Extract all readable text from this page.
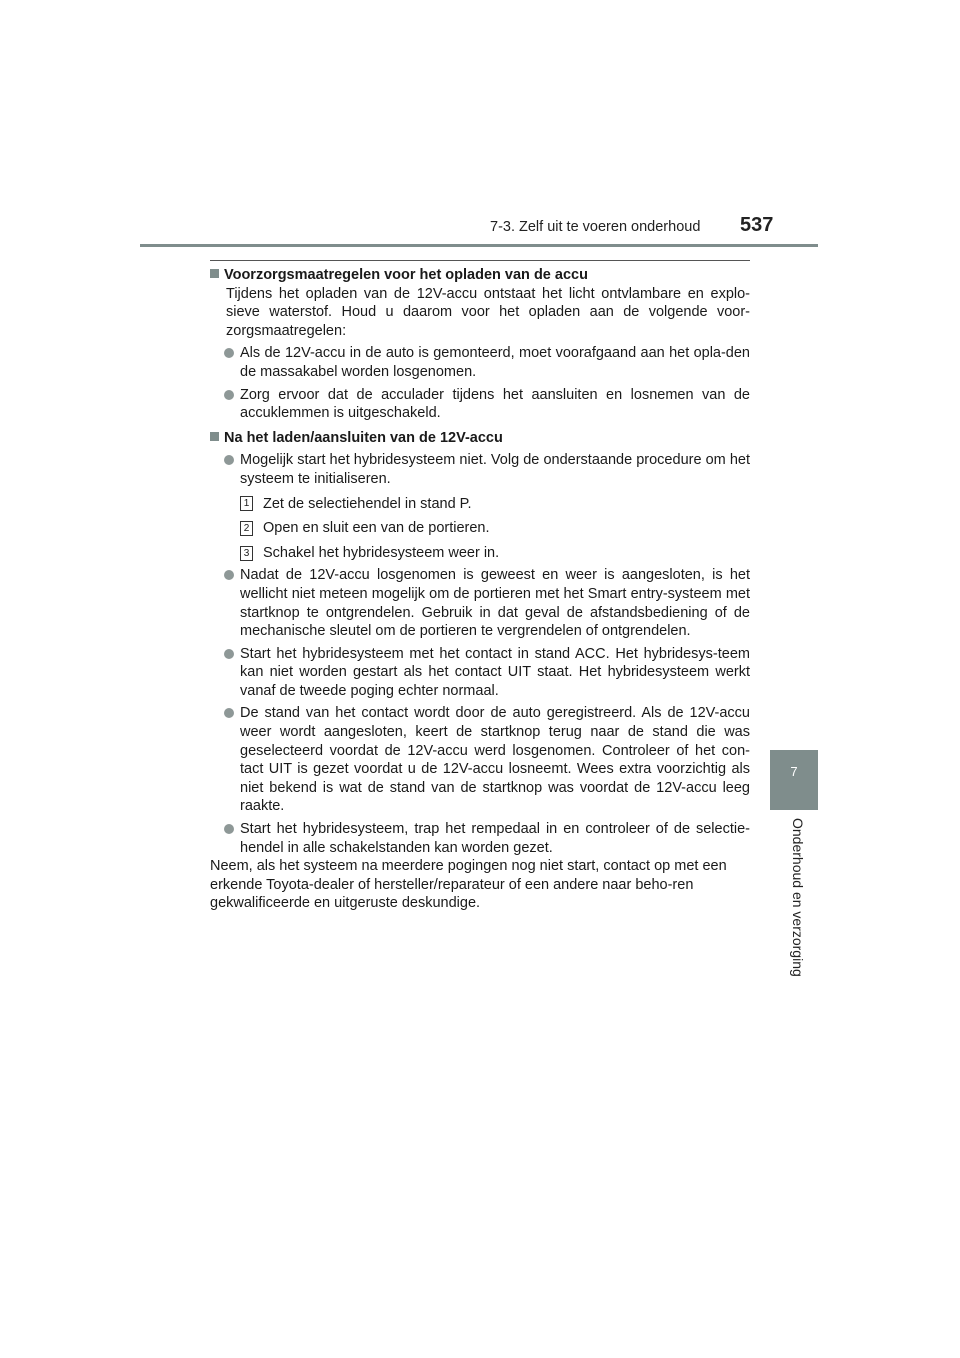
7-3. Zelf uit te voeren onderhoud 537
7
Onderhoud en verzorging

Voorzorgsmaatregelen voor het opladen van de accu

Tijdens het opladen van de 12V-accu ontstaat het licht ontvlambare en explo-sieve waterstof. Houd u daarom voor het opladen aan de volgende voor-zorgsmaatregelen:

Als de 12V-accu in de auto is gemonteerd, moet voorafgaand aan het opla-den de massakabel worden losgenomen.
Zorg ervoor dat de acculader tijdens het aansluiten en losnemen van de accuklemmen is uitgeschakeld.

Na het laden/aansluiten van de 12V-accu

Mogelijk start het hybridesysteem niet. Volg de onderstaande procedure om het systeem te initialiseren.
1 Zet de selectiehendel in stand P.
2 Open en sluit een van de portieren.
3 Schakel het hybridesysteem weer in.
Nadat de 12V-accu losgenomen is geweest en weer is aangesloten, is het wellicht niet meteen mogelijk om de portieren met het Smart entry-systeem met startknop te ontgrendelen. Gebruik in dat geval de afstandsbediening of de mechanische sleutel om de portieren te vergrendelen of ontgrendelen.
Start het hybridesysteem met het contact in stand ACC. Het hybridesys-teem kan niet worden gestart als het contact UIT staat. Het hybridesysteem werkt vanaf de tweede poging echter normaal.
De stand van het contact wordt door de auto geregistreerd. Als de 12V-accu weer wordt aangesloten, keert de startknop terug naar de stand die was geselecteerd voordat de 12V-accu werd losgenomen. Controleer of het con-tact UIT is gezet voordat u de 12V-accu losneemt. Wees extra voorzichtig als niet bekend is wat de stand van de startknop was voordat de 12V-accu leeg raakte.
Start het hybridesysteem, trap het rempedaal in en controleer of de selectie-hendel in alle schakelstanden kan worden gezet.

Neem, als het systeem na meerdere pogingen nog niet start, contact op met een erkende Toyota-dealer of hersteller/reparateur of een andere naar beho-ren gekwalificeerde en uitgeruste deskundige.
